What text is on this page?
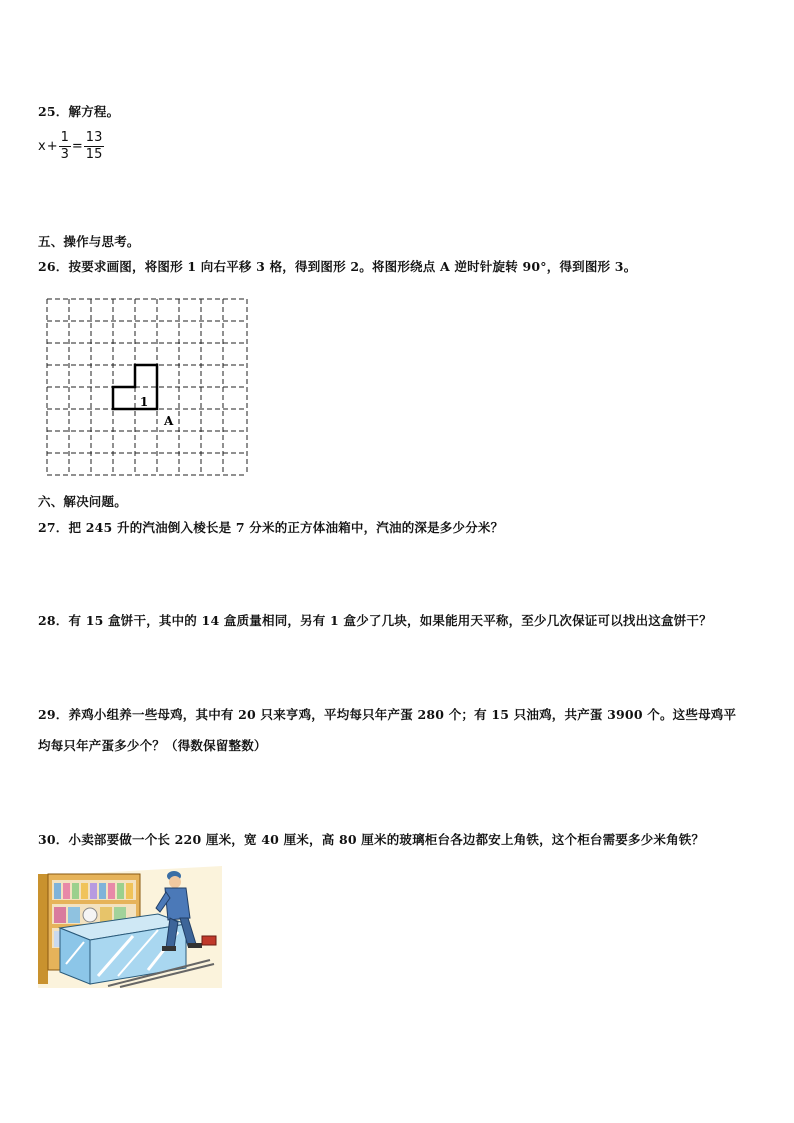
25．解方程。
$x + \frac{1}{3} = \frac{13}{15}$
五、操作与思考。
26．按要求画图，将图形 1 向右平移 3 格，得到图形 2。将图形绕点 A 逆时针旋转 90°，得到图形 3。
1
A
六、解决问题。
27．把 245 升的汽油倒入棱长是 7 分米的正方体油箱中，汽油的深是多少分米？
28．有 15 盒饼干，其中的 14 盒质量相同，另有 1 盒少了几块，如果能用天平称，至少几次保证可以找出这盒饼干？
29．养鸡小组养一些母鸡，其中有 20 只来亨鸡，平均每只年产蛋 280 个；有 15 只油鸡，共产蛋 3900 个。这些母鸡平
均每只年产蛋多少个？（得数保留整数）
30．小卖部要做一个长 220 厘米，宽 40 厘米，高 80 厘米的玻璃柜台各边都安上角铁，这个柜台需要多少米角铁？
